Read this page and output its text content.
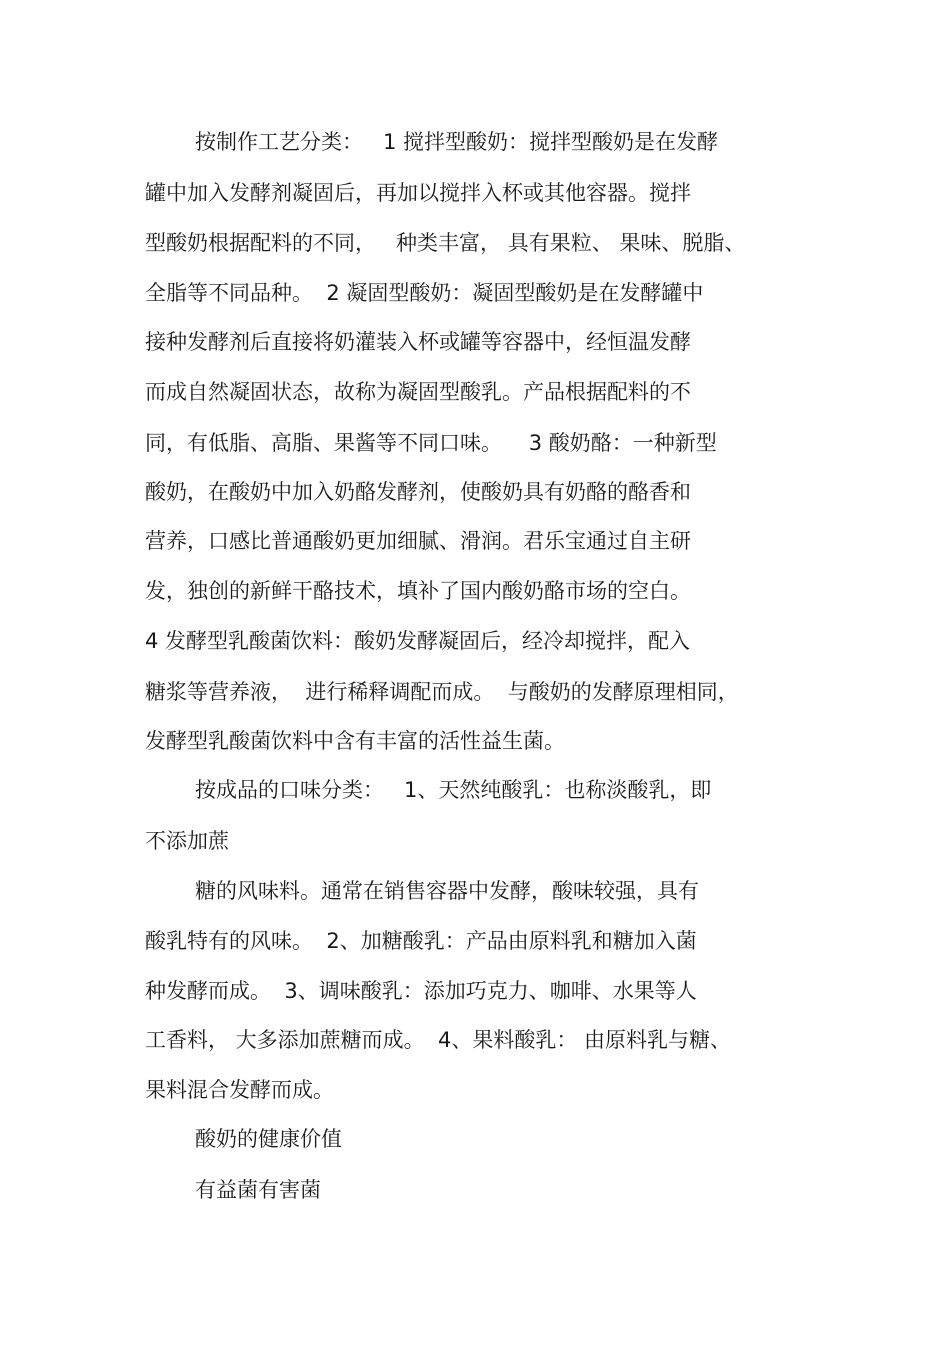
按制作工艺分类：   1 搅拌型酸奶：搅拌型酸奶是在发酵
罐中加入发酵剂凝固后，再加以搅拌入杯或其他容器。搅拌
型酸奶根据配料的不同，   种类丰富， 具有果粒、 果味、脱脂、
全脂等不同品种。  2 凝固型酸奶：凝固型酸奶是在发酵罐中
接种发酵剂后直接将奶灌装入杯或罐等容器中，经恒温发酵
而成自然凝固状态，故称为凝固型酸乳。产品根据配料的不
同，有低脂、高脂、果酱等不同口味。    3 酸奶酪：一种新型
酸奶，在酸奶中加入奶酪发酵剂，使酸奶具有奶酪的酪香和
营养，口感比普通酸奶更加细腻、滑润。君乐宝通过自主研
发，独创的新鲜干酪技术，填补了国内酸奶酪市场的空白。
4 发酵型乳酸菌饮料：酸奶发酵凝固后，经冷却搅拌，配入
糖浆等营养液，  进行稀释调配而成。  与酸奶的发酵原理相同，
发酵型乳酸菌饮料中含有丰富的活性益生菌。
按成品的口味分类：   1、天然纯酸乳：也称淡酸乳，即
不添加蔗
糖的风味料。通常在销售容器中发酵，酸味较强，具有
酸乳特有的风味。  2、加糖酸乳：产品由原料乳和糖加入菌
种发酵而成。  3、调味酸乳：添加巧克力、咖啡、水果等人
工香料， 大多添加蔗糖而成。  4、果料酸乳： 由原料乳与糖、
果料混合发酵而成。
酸奶的健康价值
有益菌有害菌
